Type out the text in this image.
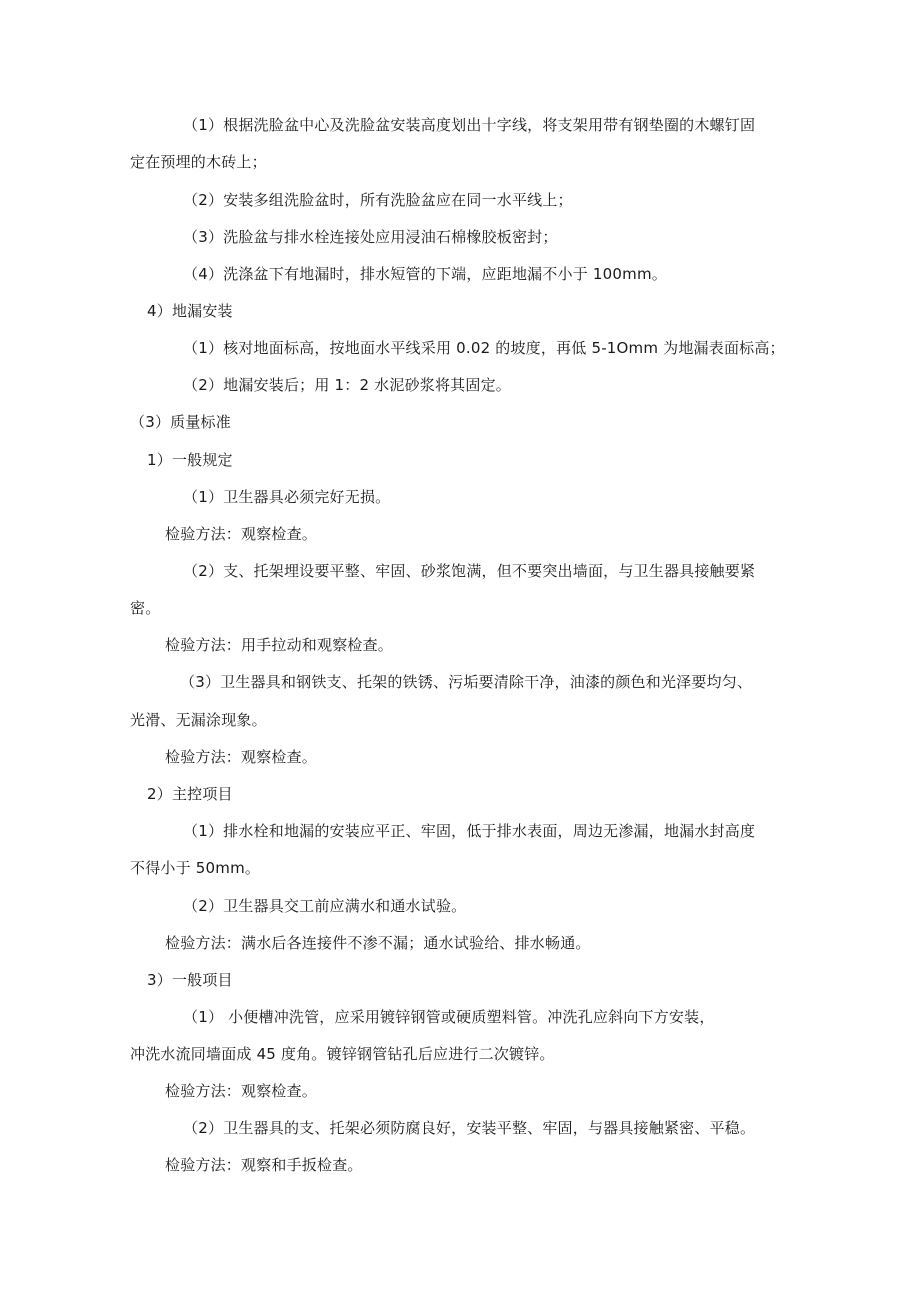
（1）根据洗脸盆中心及洗脸盆安装高度划出十字线，将支架用带有钢垫圈的木螺钉固
定在预埋的木砖上；
（2）安装多组洗脸盆时，所有洗脸盆应在同一水平线上；
（3）洗脸盆与排水栓连接处应用浸油石棉橡胶板密封；
（4）洗涤盆下有地漏时，排水短管的下端，应距地漏不小于 100mm。
4）地漏安装
（1）核对地面标高，按地面水平线采用 0.02 的坡度，再低 5-1Omm 为地漏表面标高；
（2）地漏安装后；用 1：2 水泥砂浆将其固定。
（3）质量标准
1）一般规定
（1）卫生器具必须完好无损。
检验方法：观察检查。
（2）支、托架埋设要平整、牢固、砂浆饱满，但不要突出墙面，与卫生器具接触要紧
密。
检验方法：用手拉动和观察检查。
（3）卫生器具和钢铁支、托架的铁锈、污垢要清除干净，油漆的颜色和光泽要均匀、
光滑、无漏涂现象。
检验方法：观察检查。
2）主控项目
（1）排水栓和地漏的安装应平正、牢固，低于排水表面，周边无渗漏，地漏水封高度
不得小于 50mm。
（2）卫生器具交工前应满水和通水试验。
检验方法：满水后各连接件不渗不漏；通水试验给、排水畅通。
3）一般项目
（1） 小便槽冲洗管，应采用镀锌钢管或硬质塑料管。冲洗孔应斜向下方安装，
冲洗水流同墙面成 45 度角。镀锌钢管钻孔后应进行二次镀锌。
检验方法：观察检查。
（2）卫生器具的支、托架必须防腐良好，安装平整、牢固，与器具接触紧密、平稳。
检验方法：观察和手扳检查。
